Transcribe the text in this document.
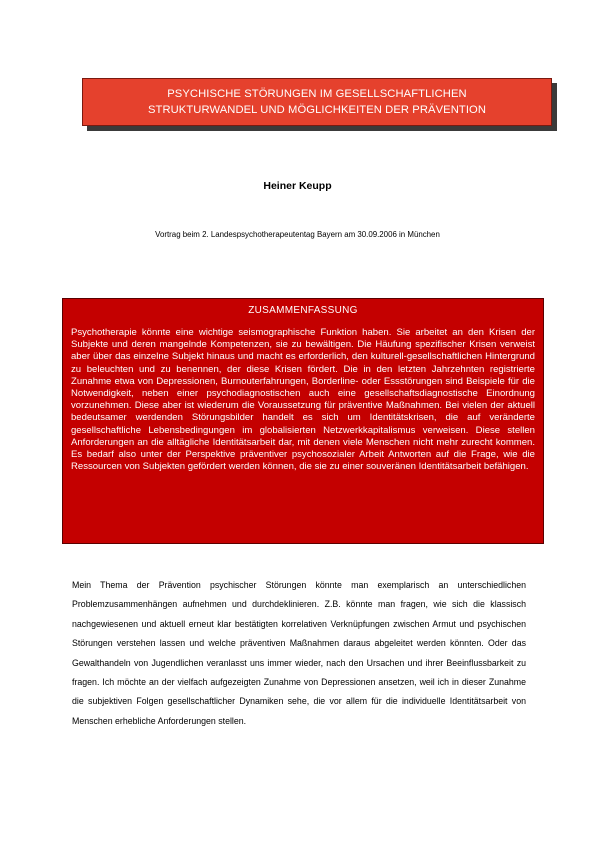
PSYCHISCHE STÖRUNGEN IM GESELLSCHAFTLICHEN
STRUKTURWANDEL UND MÖGLICHKEITEN DER PRÄVENTION
Heiner Keupp
Vortrag beim 2. Landespsychotherapeutentag Bayern am 30.09.2006 in München
ZUSAMMENFASSUNG
Psychotherapie könnte eine wichtige seismographische Funktion haben. Sie arbeitet an den Krisen der Subjekte und deren mangelnde Kompetenzen, sie zu bewältigen. Die Häufung spezifischer Krisen verweist aber über das einzelne Subjekt hinaus und macht es erforderlich, den kulturell-gesellschaftlichen Hintergrund zu beleuchten und zu benennen, der diese Krisen fördert. Die in den letzten Jahrzehnten registrierte Zunahme etwa von Depressionen, Burnouterfahrungen, Borderline- oder Essstörungen sind Beispiele für die Notwendigkeit, neben einer psychodiagnostischen auch eine gesellschaftsdiagnostische Einordnung vorzunehmen. Diese aber ist wiederum die Voraussetzung für präventive Maßnahmen. Bei vielen der aktuell bedeutsamer werdenden Störungsbilder handelt es sich um Identitätskrisen, die auf veränderte gesellschaftliche Lebensbedingungen im globalisierten Netzwerkkapitalismus verweisen. Diese stellen Anforderungen an die alltägliche Identitätsarbeit dar, mit denen viele Menschen nicht mehr zurecht kommen. Es bedarf also unter der Perspektive präventiver psychosozialer Arbeit Antworten auf die Frage, wie die Ressourcen von Subjekten gefördert werden können, die sie zu einer souveränen Identitätsarbeit befähigen.
Mein Thema der Prävention psychischer Störungen könnte man exemplarisch an unterschiedlichen Problemzusammenhängen aufnehmen und durchdeklinieren. Z.B. könnte man fragen, wie sich die klassisch nachgewiesenen und aktuell erneut klar bestätigten korrelativen Verknüpfungen zwischen Armut und psychischen Störungen verstehen lassen und welche präventiven Maßnahmen daraus abgeleitet werden könnten. Oder das Gewalthandeln von Jugendlichen veranlasst uns immer wieder, nach den Ursachen und ihrer Beeinflussbarkeit zu fragen. Ich möchte an der vielfach aufgezeigten Zunahme von Depressionen ansetzen, weil ich in dieser Zunahme die subjektiven Folgen gesellschaftlicher Dynamiken sehe, die vor allem für die individuelle Identitätsarbeit von Menschen erhebliche Anforderungen stellen.
